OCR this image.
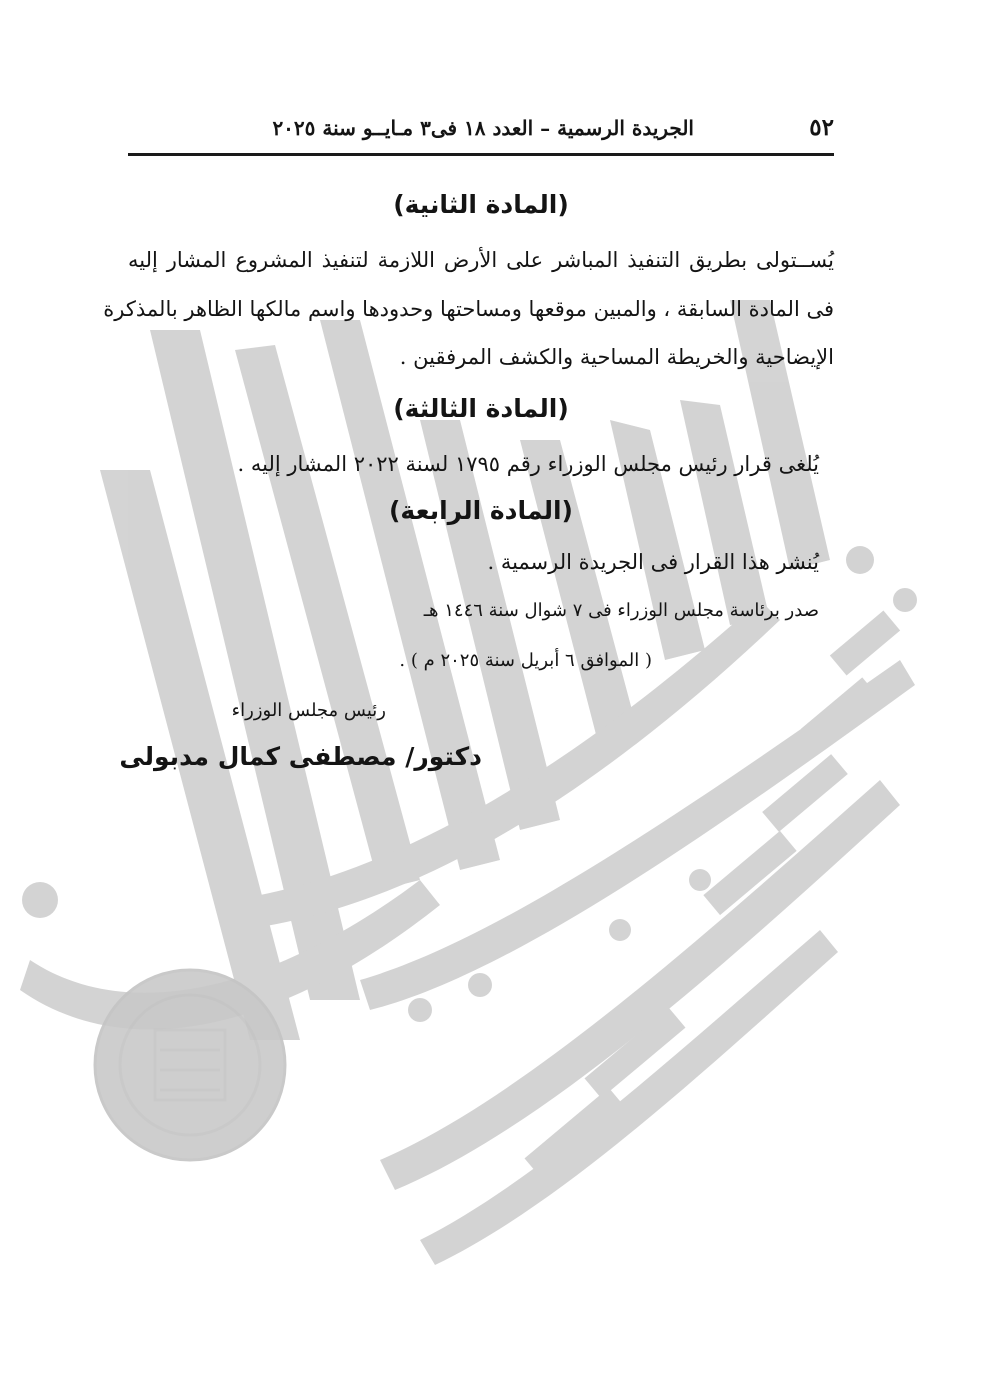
٥٢
الجريدة الرسمية – العدد ١٨ فى٣ مـايــو سنة ٢٠٢٥
(المادة الثانية)
يُســتولى بطريق التنفيذ المباشر على الأرض اللازمة لتنفيذ المشروع المشار إليه
فى المادة السابقة ، والمبين موقعها ومساحتها وحدودها واسم مالكها الظاهر بالمذكرة
الإيضاحية والخريطة المساحية والكشف المرفقين .
(المادة الثالثة)
يُلغى قرار رئيس مجلس الوزراء رقم ١٧٩٥ لسنة ٢٠٢٢ المشار إليه .
(المادة الرابعة)
يُنشر هذا القرار فى الجريدة الرسمية .
صدر برئاسة مجلس الوزراء فى ٧ شوال سنة ١٤٤٦ هـ
( الموافق ٦ أبريل سنة ٢٠٢٥ م ) .
رئيس مجلس الوزراء
دكتور/ مصطفى كمال مدبولى
